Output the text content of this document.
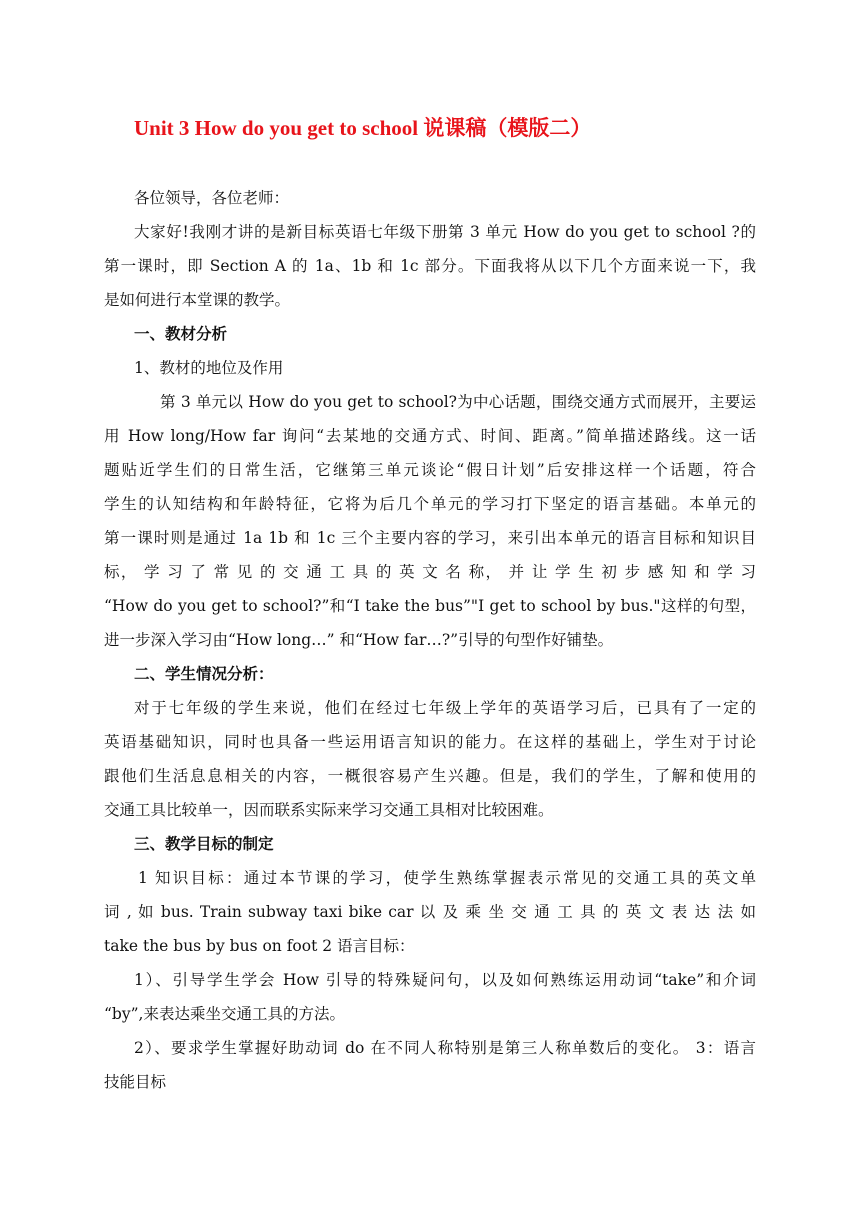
Unit 3 How do you get to school 说课稿（模版二）
各位领导，各位老师：
大家好!我刚才讲的是新目标英语七年级下册第 3 单元 How do you get to school ?的
第一课时，即 Section A 的 1a、1b 和 1c 部分。下面我将从以下几个方面来说一下，我
是如何进行本堂课的教学。
一、教材分析
1、教材的地位及作用
第 3 单元以 How do you get to school?为中心话题，围绕交通方式而展开，主要运
用 How long/How far 询问“去某地的交通方式、时间、距离。”简单描述路线。这一话
题贴近学生们的日常生活，它继第三单元谈论“假日计划”后安排这样一个话题，符合
学生的认知结构和年龄特征，它将为后几个单元的学习打下坚定的语言基础。本单元的
第一课时则是通过 1a 1b 和 1c 三个主要内容的学习，来引出本单元的语言目标和知识目
标， 学 习 了 常 见 的 交 通 工 具 的 英 文 名 称， 并 让 学 生 初 步 感 知 和 学 习
“How do you get to school?”和“I take the bus”"I get to school by bus."这样的句型，
进一步深入学习由“How long…” 和“How far…?”引导的句型作好铺垫。
二、学生情况分析：
对于七年级的学生来说，他们在经过七年级上学年的英语学习后，已具有了一定的
英语基础知识，同时也具备一些运用语言知识的能力。在这样的基础上，学生对于讨论
跟他们生活息息相关的内容，一概很容易产生兴趣。但是，我们的学生，了解和使用的
交通工具比较单一，因而联系实际来学习交通工具相对比较困难。
三、教学目标的制定
1 知识目标：通过本节课的学习，使学生熟练掌握表示常见的交通工具的英文单
词 , 如 bus. Train subway taxi bike car 以 及 乘 坐 交 通 工 具 的 英 文 表 达 法 如
take the bus by bus on foot 2 语言目标：
1）、引导学生学会 How 引导的特殊疑问句，以及如何熟练运用动词“take”和介词
“by”,来表达乘坐交通工具的方法。
2）、要求学生掌握好助动词 do 在不同人称特别是第三人称单数后的变化。 3：语言
技能目标
